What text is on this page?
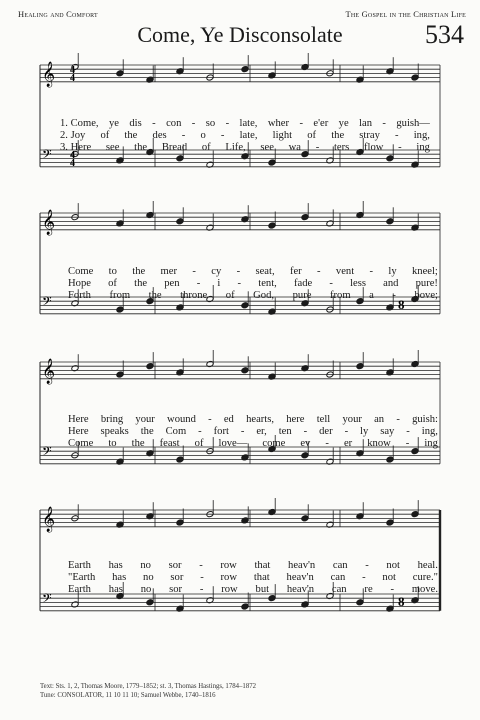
Healing and Comfort	The Gospel in the Christian Life
Come, Ye Disconsolate	534
𝄞
𝄢
4
4
4
4
𝄞
𝄢
𝄞
𝄢
𝄞
𝄢
8
8
1. Come, ye dis - con - so - late, wher - e'er ye lan - guish—
2. Joy of the des - o - late, light of the stray - ing,
3. Here see the Bread of Life, see wa - ters flow - ing
Come to the mer - cy - seat, fer - vent - ly kneel;
Hope of the pen - i - tent, fade - less and pure!
Forth from the throne of God, pure from a - bove;
Here bring your wound - ed hearts, here tell your an - guish:
Here speaks the Com - fort - er, ten - der - ly say - ing,
Come to the feast of love— come ev - er know - ing
Earth has no sor - row that heav'n can - not heal.
"Earth has no sor - row that heav'n can - not cure."
Earth has no sor - row but heav'n can re - move.
Text: Sts. 1, 2, Thomas Moore, 1779–1852; st. 3, Thomas Hastings, 1784–1872
Tune: CONSOLATOR, 11 10 11 10; Samuel Webbe, 1740–1816
